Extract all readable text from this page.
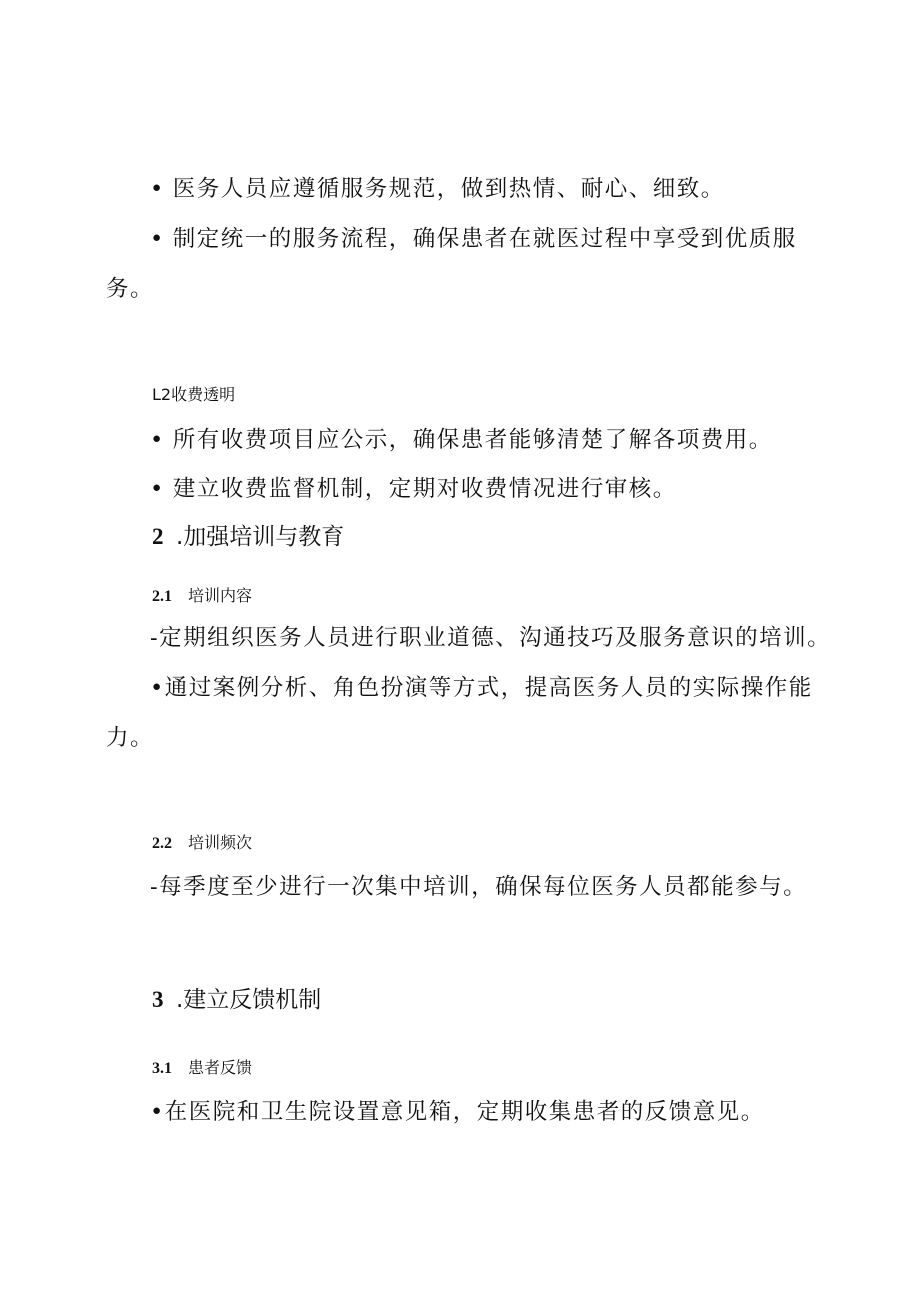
• 医务人员应遵循服务规范，做到热情、耐心、细致。

• 制定统一的服务流程，确保患者在就医过程中享受到优质服

务。

L2收费透明

• 所有收费项目应公示，确保患者能够清楚了解各项费用。

• 建立收费监督机制，定期对收费情况进行审核。

2 .加强培训与教育

2.1 培训内容

-定期组织医务人员进行职业道德、沟通技巧及服务意识的培训。

•通过案例分析、角色扮演等方式，提高医务人员的实际操作能

力。

2.2 培训频次

-每季度至少进行一次集中培训，确保每位医务人员都能参与。

3 .建立反馈机制

3.1 患者反馈

•在医院和卫生院设置意见箱，定期收集患者的反馈意见。
